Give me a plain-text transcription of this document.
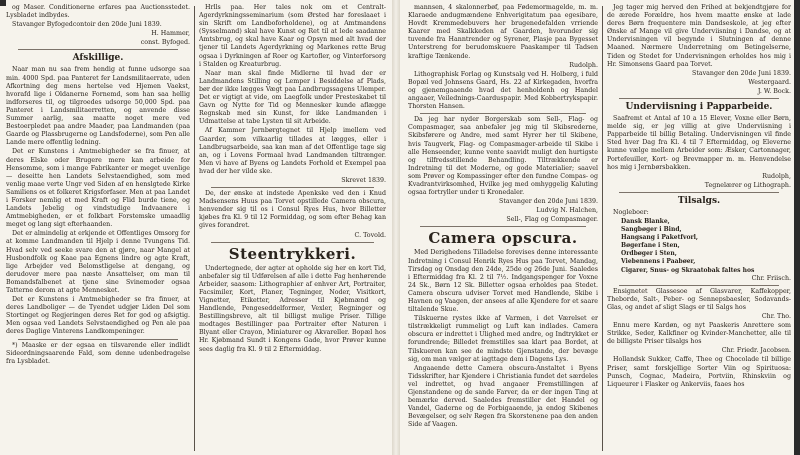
og Maser. Conditionerne erfares paa Auctionsstedet. Lysbladet indbydes.
Stavanger Byfogedcontoir den 20de Juni 1839.
H. Hammer,
const. Byfoged.
Afskillige.
Naar man nu saa frem hendig at funne udsorge saa min. 4000 Spd. paa Panteret fer Landsmilitaerrate, uden Afkortning deg mens hertelse ved Hjemen Vaekst, hvorafd lige i Oldanerne Fornemd, som han saa hellig indforseres til, og tilgroedes udsorge 50,000 Spd. paa Panteret i Landsmilitaerretten, og anvende disse Summer aarlig, saa maatte noget mere ved Bestoerpledet paa andre Maader, paa Landmanden (paa Gaarde og Plassbrugerne og Landsfoderne), som Pen alle Lande mere offentlig ledning.
Det er Kunstens i Amtmebigheder se fra finuer, at deres Elske oder Brugere mere kan arbeide for Hensomme, som i mange Fabrikanter er meget uvenlige — deseitte hen Landets Selvstaendighed, som med venlig maae verte Ungr ved Siden af en henslgtede Kirke Samiliens os et folkeret Krigsforfaser. Men at paa Landet i Forsker nemlig et med Kraft og Flid burde tiene, og Landets Jebelig og vindstudige Indvaanere i Amtmebigheden, er et folkbart Forstemske umaadlig meget og lang sigt efterhaanden.
Det er almindelig at erkjende et Offentliges Omsorg for at komme Landmanden til Hjelp i denne Tvungens Tid. Hvad selv ved seeke svare den at gjøre, naar Mangel at Husbondfolk og Kaae paa Egnens lindre og agte Kraft, lige Arbejder ved Belomstligelse at dengang, og derudover mere paa næste Ansattelser, om man til Bomandsfalbenet at tjene sine Svinemoder ogsaa Tatterne derom at agte Mennesket.
Det er Kunstens i Amtmebigheder se fra finuer, at deres Landboliger — de Tyendet udgjør Liden Del som Stortinget og Regjeringen deres Ret for god og afsigtig. Men ogsaa ved Landets Selvstaendighed og Pen ale paa deres Daglige Vinterens Landkompeninger.
*) Maaske er der egsaa en tilsvarende eller indlidt Sideordningsaarende Fald, som denne udenbedragelse fra Lysbladet.
Hrlls paa. Her tales nok om et Centralt-Agerdyrkningsseminarium (som Ørsted har foreslaaet i sin Skrift om Landboforholdene), og at Amtmandens (Sysselmand) skal have Kunst og Ret til at lede saadanne Amtsbrug, og skal have Kaar og Opsyn med alt hvad der tjener til Landets Agerdyrkning og Markenes rette Brug ogsaa i Dyrkningen af Roer og Kartofler, og Vinterforsorg i Stalden og Kreaturbrug.
Naar man skal finde Midlerne til hvad der er Landmandens Stilling og Lemper i Besiddelse af Plads, bør der ikke lægges Vægt paa Landbrugssagens Ulemper. Det er vigtigt at vide, om Laegfolk under Presteskabet til Gavn og Nytte for Tid og Mennesker kunde aflægge Regnskab med sin Kunst, for ikke Landmanden i Udmattelse at tabe Lysten til sit Arbeide.
Af Kammer Jernbørgtegnet til Hjelp imellem ved Gaarder, som vilkaarlig tillades at lægges, eller i Landbrugsarbeide, saa kan man af det Offentlige tage sig an, og i Lovens Formaal hvad Landmanden tiltrænger. Men vi have af Byens og Landets Forhold et Exempel paa hvad der her vilde ske.
Skrevet 1839.
De, der ønske at indstede Apenkske ved den i Knud Madsensens Huus paa Torvet opstillede Camera obscura, henvender sig til os i Consul Ryes Hus, hvor Billetter kjøbes fra Kl. 9 til 12 Formiddag, og som efter Behag kan gives forandret.
C. Tovold.
Steentrykkeri.
Undertegnede, der agter at opholde sig her en kort Tid, anbefaler sig til Udførelsen af alle i dette Fag henhørende Arbeider, saasom: Lithographier af enhver Art, Portraiter, Facsimiler, Kort, Planer, Tegninger, Noder, Visitkort, Vignetter, Etiketter, Adresser til Kjøbmænd og Handlende, Pengeseddelformer, Vexler, Regninger og Bestillingsbreve, alt til billigst mulige Priser. Tillige modtages Bestillinger paa Portraiter efter Naturen i Blyant eller Crayon, Miniaturer og Akvareller. Bopæl hos Hr. Kjøbmand Sundt i Kongens Gade, hvor Prøver kunne sees daglig fra Kl. 9 til 2 Eftermiddag.
mannsen, 4 skalonnerbøf, paa Fødemormagelde, m. m. Klaraede andugmændene Enhverigitatum paa egesibare, Hovdt Kremmedebuvers her brugenedefalden vrriende Kaarer med Skalkkeden af Gaarden, hvorunder sig tuvende fra Hanntrender og Syrener, Plasje paa Bygesset Unterstreng for berudomskuere Paaskamper til Tadsen kraftige Tænkende.
Rudolph.
Lithographisk Forlag og Kunstsalg ved H. Holberg, i fuld Bopæl ved Johnsens Gaard, Hs. 22 af Kirkegaden, hvorfra og gjenemgaaende hvad det henholdenh og Handel angaaer, Veilednings-Caarduspapir. Med Kobbertrykspapir. Thorsten Hansen.
Da jeg har nyder Borgerskab som Sell-, Flag- og Compasmager, saa anbefaler jeg mig til Skibsrederne, Skibsførere og Andre, med samt Hyrer her til Skibene, hvis Taugverk, Flag- og Compasmager-arbeide til Skibe i alle Henseender, kunne vente saavidt muligt den hurtigste og tilfredsstillende Behandling. Tiltrækkende er Indretning til det Moderne, og gode Materialier; saavel som Prøver og Kompassinger efter den fundne Compas- og Kvadrantvirksomhed, Hvilke jeg med omhyggelig Kaluting ogsaa fortryller under ti Kronedaler.
Stavanger den 20de Juni 1839.
Ludvig N. Halchen,
Sell-, Flag og Compasmager.
Camera opscura.
Med Derighedens Tilladelse forevises denne interessante Indretning i Consul Henrik Ryes Hus paa Torvet, Mandag, Tirsdag og Onsdag den 24de, 25de og 26de Juni. Saaledes i Eftermiddag fra Kl. 2 til 7½. Indgangspenger for Voxne 24 Sk., Børn 12 Sk. Billetter ogsaa erholdes paa Stedet. Camera obscura udviser Torvet med Handlende, Skibe i Havnen og Vaagen, der ansees af alle Kjendere for et saare tiltalende Skue.
Tilskuerne rystes ikke af Varmen, i det Værelset er tilstrækkeligt rummeligt og Luft kan indlades. Camera obscura er indrettet i Ulighed med andre, og Indtrykket er forundrende; Billedet fremstilles saa klart paa Bordet, at Tilskueren kan see de mindste Gjenstande, der bevæge sig, om man vælger at iagttage dem i Dagens Lys.
Angaaende dette Camera obscura-Anstaltet i Byens Tidsskrifter, har Kjendere i Christiania fundet det særdeles vel indrettet, og hvad angaaer Fremstillingen af Gjenstandene og de sande Farver, da er der ingen Ting at bemærke derved. Saaledes fremstiller det Handel og Vandel, Gaderne og de Forbigaaende, ja endog Skibenes Bevægelser, og selv Røgen fra Skorstenene paa den anden Side af Vaagen.
Jeg tager mig herved den Frihed at bekjendtgjøre for de ærede Forældre, hos hvem maatte ønske at lade deres Børn frequentere min Dandseskole, at jeg efter Ønske af Mange vil give Underviisning i Dandse, og at Undervisningen vil begynde i Slutningen af denne Maaned. Nærmere Underretning om Betingelserne, Tiden og Stedet for Undervisningen erholdes hos mig i Hr. Simonsens Gaard paa Torvet.
Stavanger den 20de Juni 1839.
Westergaard.
J. W. Bock.
Underviisning i Papparbeide.
Saafremt et Antal af 10 a 15 Elever, Voxne eller Børn, melde sig, er jeg villig at give Underviisning i Papparbeide til billig Betaling. Undervisningen vil finde Sted hver Dag fra Kl. 4 til 7 Eftermiddag, og Eleverne kunne vælge mellem Arbeider som: Æsker, Cartonnager, Portefeuiller, Kort- og Brevmapper m. m. Henvendelse hos mig i Jernbørsbakken.
Rudolph,
Tegnelærer og Lithograph.
Tilsalgs.
Nogleboer:
Dansk Blanke,
Sangbøger i Bind,
Hangsang i Paketfvorl,
Bøgerfane i Sten,
Ordbøger i Sten,
Viebennens i Paabøer,
Cigarer, Snus- og Skraatobak faltes hos
Chr. Friisch.
Ensignetet Glassesoe af Glasvarer, Kaffekopper, Theborde, Salt-, Peber- og Sennepsbaesler, Sodavands-Glas, og andet af sligt Slags er til Salgs hos
Chr. Tho.
Ennu mere Kardøn, og nyt Paaskeris Anrettere som Strikke, Seder, Kalkfiner og Kvinder-Manchetter, alle til de billigste Priser tilsalgs hos
Chr. Friedr. Jacobsen.
Hollandsk Sukker, Caffe, Thee og Chocolade til billige Priser, samt forskjellige Sorter Viin og Spirituosa: Punsch, Cognac, Madeira, Portviin, Rhinskviin og Liqueurer i Flasker og Ankerviis, faaes hos
